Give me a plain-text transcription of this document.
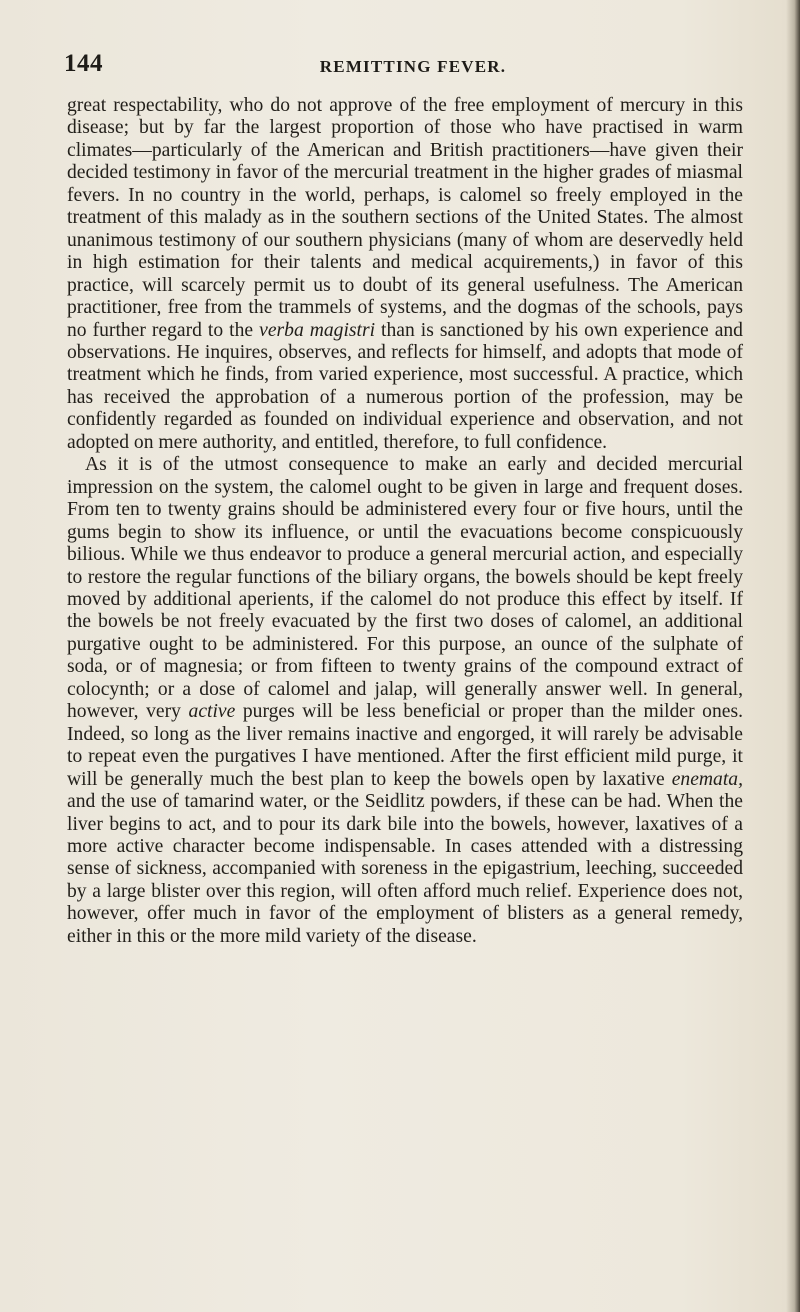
144	REMITTING FEVER.

great respectability, who do not approve of the free employment of mercury in this disease; but by far the largest proportion of those who have practised in warm climates—particularly of the American and British practitioners—have given their decided testimony in favor of the mercurial treatment in the higher grades of miasmal fevers. In no country in the world, perhaps, is calomel so freely employed in the treatment of this malady as in the southern sections of the United States. The almost unanimous testimony of our southern physicians (many of whom are deservedly held in high estimation for their talents and medical acquirements,) in favor of this practice, will scarcely permit us to doubt of its general usefulness. The American practitioner, free from the trammels of systems, and the dogmas of the schools, pays no further regard to the verba magistri than is sanctioned by his own experience and observations. He inquires, observes, and reflects for himself, and adopts that mode of treatment which he finds, from varied experience, most successful. A practice, which has received the approbation of a numerous portion of the profession, may be confidently regarded as founded on individual experience and observation, and not adopted on mere authority, and entitled, therefore, to full confidence.

As it is of the utmost consequence to make an early and decided mercurial impression on the system, the calomel ought to be given in large and frequent doses. From ten to twenty grains should be administered every four or five hours, until the gums begin to show its influence, or until the evacuations become conspicuously bilious. While we thus endeavor to produce a general mercurial action, and especially to restore the regular functions of the biliary organs, the bowels should be kept freely moved by additional aperients, if the calomel do not produce this effect by itself. If the bowels be not freely evacuated by the first two doses of calomel, an additional purgative ought to be administered. For this purpose, an ounce of the sulphate of soda, or of magnesia; or from fifteen to twenty grains of the compound extract of colocynth; or a dose of calomel and jalap, will generally answer well. In general, however, very active purges will be less beneficial or proper than the milder ones. Indeed, so long as the liver remains inactive and engorged, it will rarely be advisable to repeat even the purgatives I have mentioned. After the first efficient mild purge, it will be generally much the best plan to keep the bowels open by laxative enemata, and the use of tamarind water, or the Seidlitz powders, if these can be had. When the liver begins to act, and to pour its dark bile into the bowels, however, laxatives of a more active character become indispensable. In cases attended with a distressing sense of sickness, accompanied with soreness in the epigastrium, leeching, succeeded by a large blister over this region, will often afford much relief. Experience does not, however, offer much in favor of the employment of blisters as a general remedy, either in this or the more mild variety of the disease.
